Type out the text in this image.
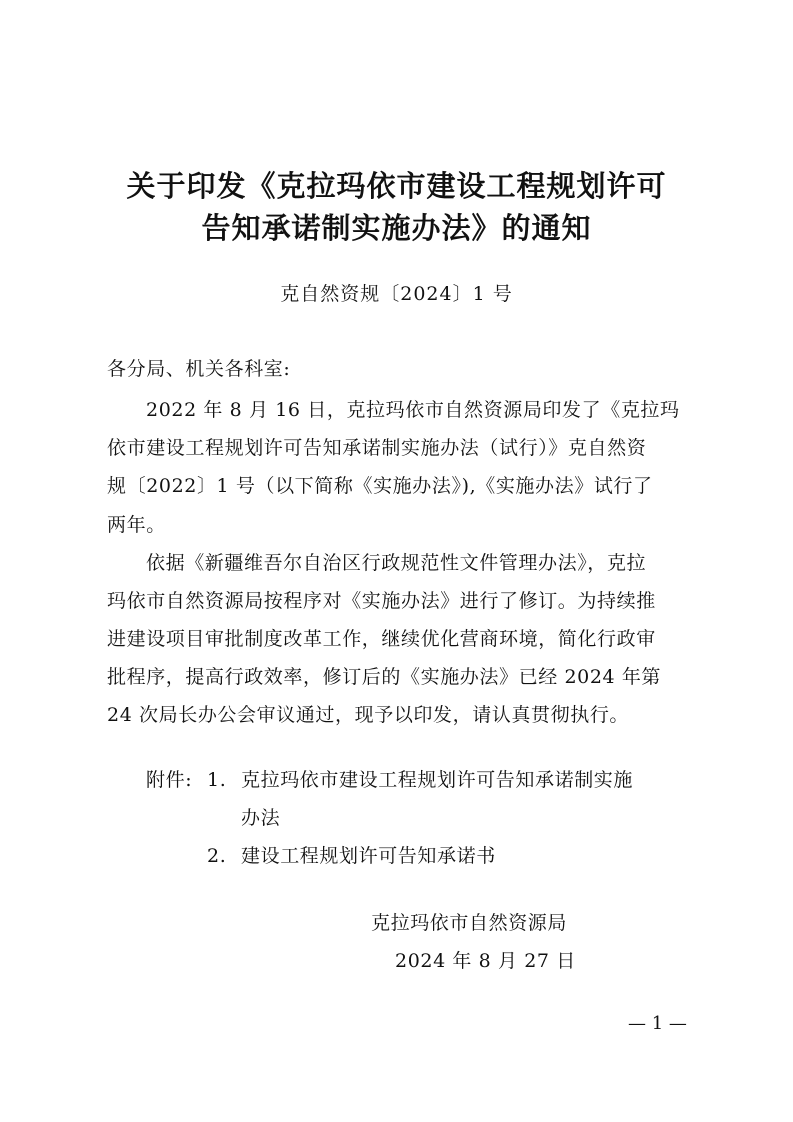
关于印发《克拉玛依市建设工程规划许可
告知承诺制实施办法》的通知
克自然资规〔2024〕1 号
各分局、机关各科室:
2022 年 8 月 16 日，克拉玛依市自然资源局印发了《克拉玛
依市建设工程规划许可告知承诺制实施办法（试行）》克自然资
规〔2022〕1 号（以下简称《实施办法》),《实施办法》试行了
两年。
依据《新疆维吾尔自治区行政规范性文件管理办法》，克拉
玛依市自然资源局按程序对《实施办法》进行了修订。为持续推
进建设项目审批制度改革工作，继续优化营商环境，简化行政审
批程序，提高行政效率，修订后的《实施办法》已经 2024 年第
24 次局长办公会审议通过，现予以印发，请认真贯彻执行。
附件: 1. 克拉玛依市建设工程规划许可告知承诺制实施
办法
2. 建设工程规划许可告知承诺书
克拉玛依市自然资源局
2024 年 8 月 27 日
— 1 —
